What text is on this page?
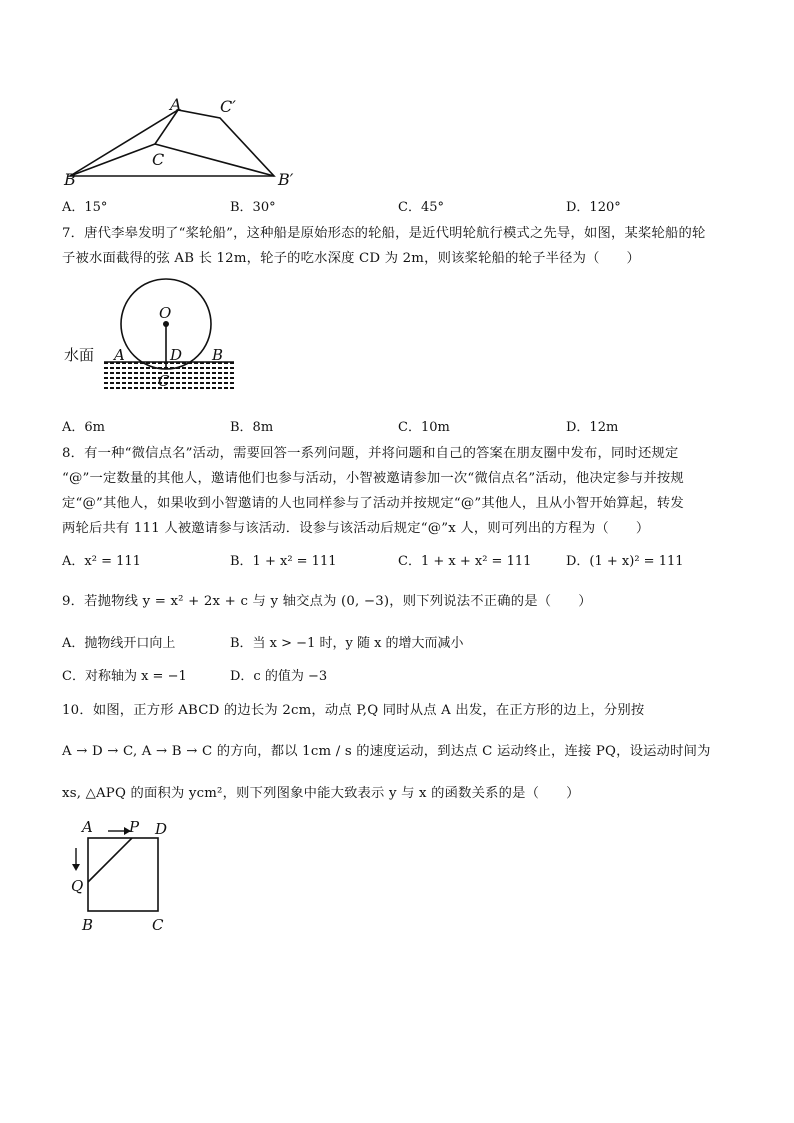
A C′
C
B	B′
A．15°	B．30°	C．45°	D．120°
7．唐代李皋发明了“桨轮船”，这种船是原始形态的轮船，是近代明轮航行模式之先导，如图，某桨轮船的轮
子被水面截得的弦 AB 长 12m，轮子的吃水深度 CD 为 2m，则该桨轮船的轮子半径为（　　）
水面
O
A	D B
C
A．6m	B．8m	C．10m	D．12m
8．有一种“微信点名”活动，需要回答一系列问题，并将问题和自己的答案在朋友圈中发布，同时还规定
“@”一定数量的其他人，邀请他们也参与活动，小智被邀请参加一次“微信点名”活动，他决定参与并按规
定“@”其他人，如果收到小智邀请的人也同样参与了活动并按规定“@”其他人，且从小智开始算起，转发
两轮后共有 111 人被邀请参与该活动．设参与该活动后规定“@”x 人，则可列出的方程为（　　）
A．x² = 111	B．1 + x² = 111	C．1 + x + x² = 111	D．(1 + x)² = 111
9．若抛物线 y = x² + 2x + c 与 y 轴交点为 (0, −3)，则下列说法不正确的是（　　）
A．抛物线开口向上	B．当 x > −1 时，y 随 x 的增大而减小
C．对称轴为 x = −1	D．c 的值为 −3
10．如图，正方形 ABCD 的边长为 2cm，动点 P,Q 同时从点 A 出发，在正方形的边上，分别按
A → D → C, A → B → C 的方向，都以 1cm / s 的速度运动，到达点 C 运动终止，连接 PQ，设运动时间为
xs, △APQ 的面积为 ycm²，则下列图象中能大致表示 y 与 x 的函数关系的是（　　）
A P D
Q
B	C
